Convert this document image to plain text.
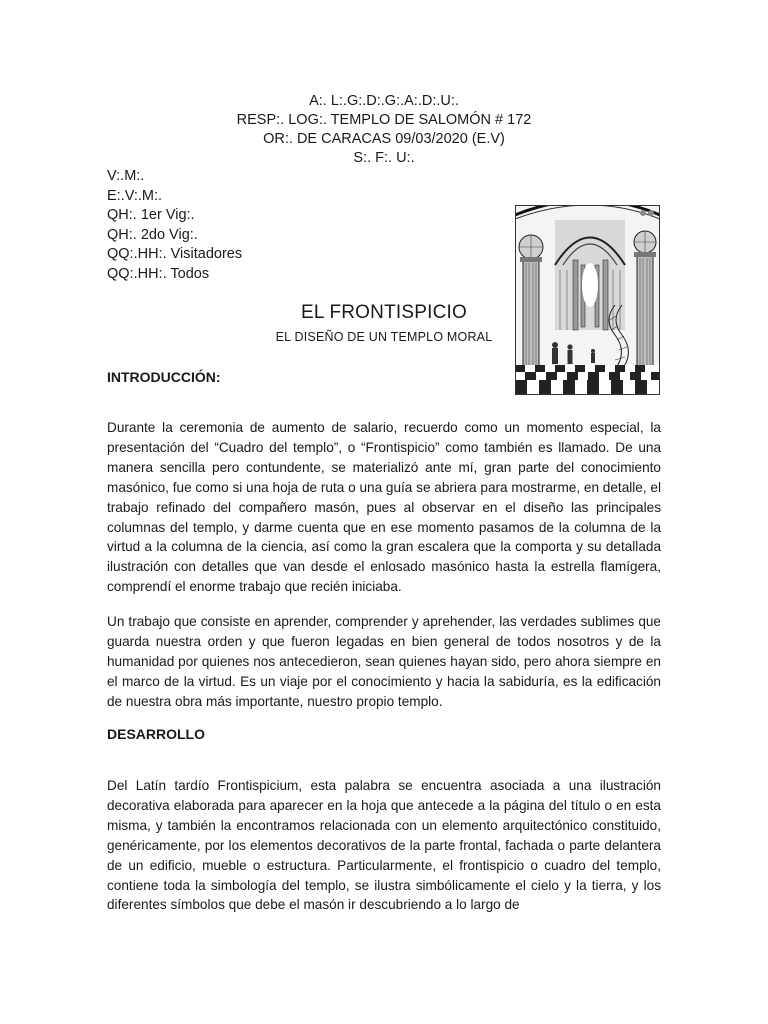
A:. L:.G:.D:.G:.A:.D:.U:.
RESP:. LOG:. TEMPLO DE SALOMÓN # 172
OR:. DE CARACAS 09/03/2020 (E.V)
S:. F:. U:.
V:.M:.
E:.V:.M:.
QH:. 1er Vig:.
QH:. 2do Vig:.
QQ:.HH:. Visitadores
QQ:.HH:. Todos
EL FRONTISPICIO
EL DISEÑO DE UN TEMPLO MORAL
INTRODUCCIÓN:

Durante la ceremonia de aumento de salario, recuerdo como un momento especial, la presentación del “Cuadro del templo”, o “Frontispicio” como también es llamado. De una manera sencilla pero contundente, se materializó ante mí, gran parte del conocimiento masónico, fue como si una hoja de ruta o una guía se abriera para mostrarme, en detalle, el trabajo refinado del compañero masón, pues al observar en el diseño las principales columnas del templo, y darme cuenta que en ese momento pasamos de la columna de la virtud a la columna de la ciencia, así como la gran escalera que la comporta y su detallada ilustración con detalles que van desde el enlosado masónico hasta la estrella flamígera, comprendí el enorme trabajo que recién iniciaba.

Un trabajo que consiste en aprender, comprender y aprehender, las verdades sublimes que guarda nuestra orden y que fueron legadas en bien general de todos nosotros y de la humanidad por quienes nos antecedieron, sean quienes hayan sido, pero ahora siempre en el marco de la virtud. Es un viaje por el conocimiento y hacia la sabiduría, es la edificación de nuestra obra más importante, nuestro propio templo.

DESARROLLO

Del Latín tardío Frontispicium, esta palabra se encuentra asociada a una ilustración decorativa elaborada para aparecer en la hoja que antecede a la página del título o en esta misma, y también la encontramos relacionada con un elemento arquitectónico constituido, genéricamente, por los elementos decorativos de la parte frontal, fachada o parte delantera de un edificio, mueble o estructura. Particularmente, el frontispicio o cuadro del templo, contiene toda la simbología del templo, se ilustra simbólicamente el cielo y la tierra, y los diferentes símbolos que debe el masón ir descubriendo a lo largo de
